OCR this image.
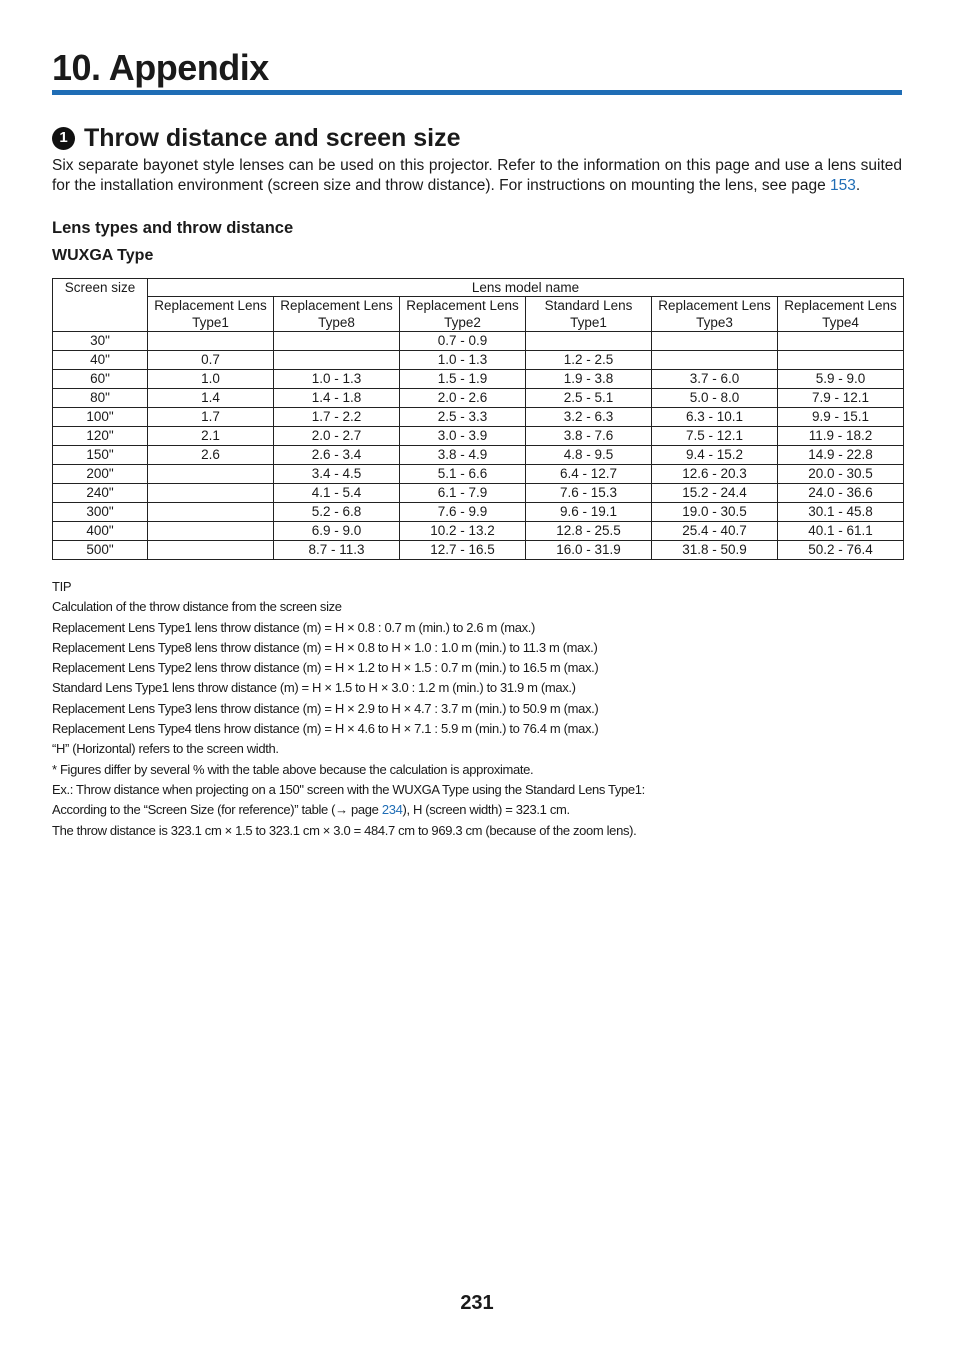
10. Appendix
1 Throw distance and screen size

Six separate bayonet style lenses can be used on this projector. Refer to the information on this page and use a lens suited for the installation environment (screen size and throw distance). For instructions on mounting the lens, see page 153.

Lens types and throw distance
WUXGA Type
Screen size	Lens model name					
	Replacement Lens Type1	Replacement Lens Type8	Replacement Lens Type2	Standard Lens Type1	Replacement Lens Type3	Replacement Lens Type4
30"			0.7 - 0.9			
40"	0.7		1.0 - 1.3	1.2 - 2.5		
60"	1.0	1.0 - 1.3	1.5 - 1.9	1.9 - 3.8	3.7 - 6.0	5.9 - 9.0
80"	1.4	1.4 - 1.8	2.0 - 2.6	2.5 - 5.1	5.0 - 8.0	7.9 - 12.1
100"	1.7	1.7 - 2.2	2.5 - 3.3	3.2 - 6.3	6.3 - 10.1	9.9 - 15.1
120"	2.1	2.0 - 2.7	3.0 - 3.9	3.8 - 7.6	7.5 - 12.1	11.9 - 18.2
150"	2.6	2.6 - 3.4	3.8 - 4.9	4.8 - 9.5	9.4 - 15.2	14.9 - 22.8
200"		3.4 - 4.5	5.1 - 6.6	6.4 - 12.7	12.6 - 20.3	20.0 - 30.5
240"		4.1 - 5.4	6.1 - 7.9	7.6 - 15.3	15.2 - 24.4	24.0 - 36.6
300"		5.2 - 6.8	7.6 - 9.9	9.6 - 19.1	19.0 - 30.5	30.1 - 45.8
400"		6.9 - 9.0	10.2 - 13.2	12.8 - 25.5	25.4 - 40.7	40.1 - 61.1
500"		8.7 - 11.3	12.7 - 16.5	16.0 - 31.9	31.8 - 50.9	50.2 - 76.4
TIP
Calculation of the throw distance from the screen size
Replacement Lens Type1 lens throw distance (m) = H × 0.8 : 0.7 m (min.) to 2.6 m (max.)
Replacement Lens Type8 lens throw distance (m) = H × 0.8 to H × 1.0 : 1.0 m (min.) to 11.3 m (max.)
Replacement Lens Type2 lens throw distance (m) = H × 1.2 to H × 1.5 : 0.7 m (min.) to 16.5 m (max.)
Standard Lens Type1 lens throw distance (m) = H × 1.5 to H × 3.0 : 1.2 m (min.) to 31.9 m (max.)
Replacement Lens Type3 lens throw distance (m) = H × 2.9 to H × 4.7 : 3.7 m (min.) to 50.9 m (max.)
Replacement Lens Type4 tlens hrow distance (m) = H × 4.6 to H × 7.1 : 5.9 m (min.) to 76.4 m (max.)
“H” (Horizontal) refers to the screen width.
* Figures differ by several % with the table above because the calculation is approximate.
Ex.: Throw distance when projecting on a 150" screen with the WUXGA Type using the Standard Lens Type1:
According to the “Screen Size (for reference)” table (→ page 234), H (screen width) = 323.1 cm.
The throw distance is 323.1 cm × 1.5 to 323.1 cm × 3.0 = 484.7 cm to 969.3 cm (because of the zoom lens).
231
